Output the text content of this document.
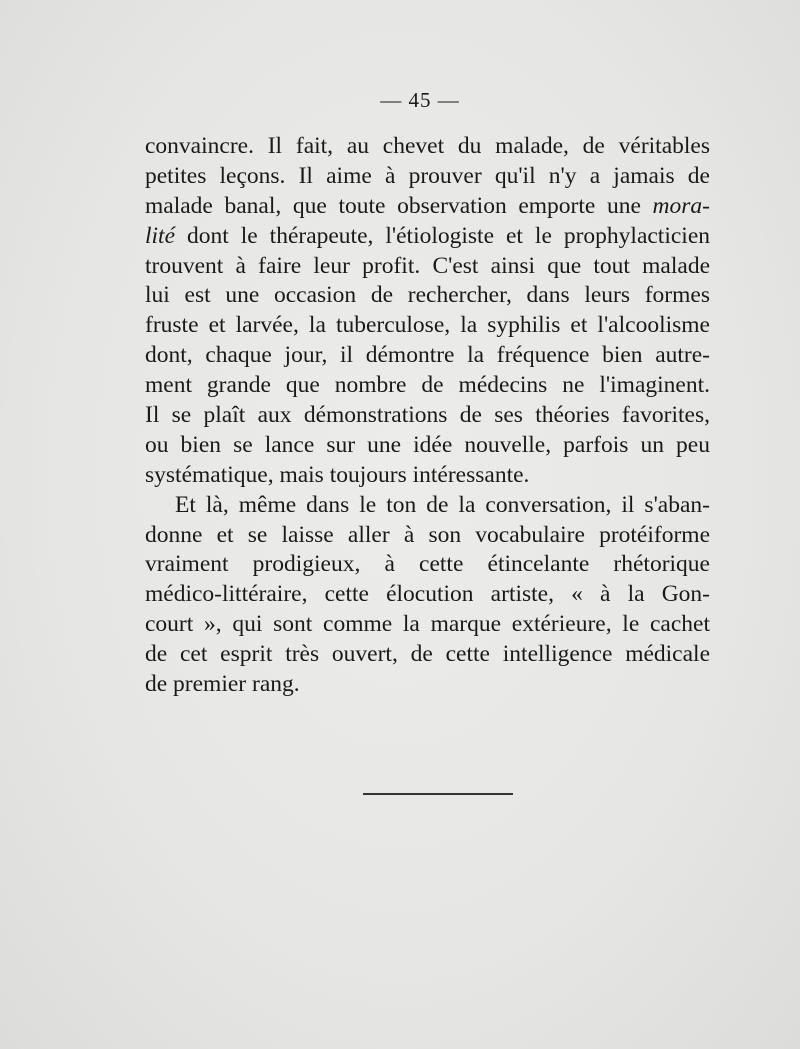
— 45 —
convaincre. Il fait, au chevet du malade, de véritables
petites leçons. Il aime à prouver qu'il n'y a jamais de
malade banal, que toute observation emporte une mora-
lité dont le thérapeute, l'étiologiste et le prophylacticien
trouvent à faire leur profit. C'est ainsi que tout malade
lui est une occasion de rechercher, dans leurs formes
fruste et larvée, la tuberculose, la syphilis et l'alcoolisme
dont, chaque jour, il démontre la fréquence bien autre-
ment grande que nombre de médecins ne l'imaginent.
Il se plaît aux démonstrations de ses théories favorites,
ou bien se lance sur une idée nouvelle, parfois un peu
systématique, mais toujours intéressante.
Et là, même dans le ton de la conversation, il s'aban-
donne et se laisse aller à son vocabulaire protéiforme
vraiment prodigieux, à cette étincelante rhétorique
médico-littéraire, cette élocution artiste, « à la Gon-
court », qui sont comme la marque extérieure, le cachet
de cet esprit très ouvert, de cette intelligence médicale
de premier rang.
